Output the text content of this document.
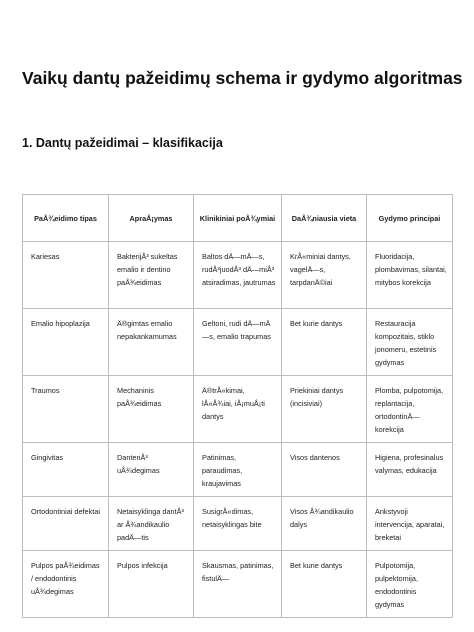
Vaikų dantų pažeidimų schema ir gydymo algoritmas
1. Dantų pažeidimai – klasifikacija
PaÅ¾eidimo tipas	ApraÅ¡ymas	Klinikiniai poÅ¾ymiai	DaÅ¾niausia vieta	Gydymo principai
Kariesas	BakterijÅ³ sukeltas emalio ir dentino paÅ¾eidimas	Baltos dÄ—mÄ—s, rudÅ³juodÅ³ dÄ—miÅ³ atsiradimas, jautrumas	KrÅ«miniai dantys, vagelÄ—s, tarpdanÄ©iai	Fluoridacija, plombavimas, silantai, mitybos korekcija
Emalio hipoplazija	Ä®gimtas emalio nepakankamumas	Geltoni, rudi dÄ—mÄ—s, emalio trapumas	Bet kurie dantys	Restauracija kompozitais, stiklo jonomeru, estetinis gydymas
Traumos	Mechaninis paÅ¾eidimas	Ä®trÅ«kimai, lÅ«Å¾iai, iÅ¡muÅ¡ti dantys	Priekiniai dantys (incisiviai)	Plomba, pulpotomija, replantacija, ortodontinÄ— korekcija
Gingivitas	DantenÅ³ uÅ¾degimas	Patinimas, paraudimas, kraujavimas	Visos dantenos	Higiena, profesinalus valymas, edukacija
Ortodontiniai defektai	Netaisyklinga dantÅ³ ar Å¾andikaulio padÄ—tis	SusigrÅ«dimas, netaisyklingas bite	Visos Å¾andikaulio dalys	Ankstyvoji intervencija, aparatai, breketai
Pulpos paÅ¾eidimas / endodontinis uÅ¾degimas	Pulpos infekcija	Skausmas, patinimas, fistulÄ—	Bet kurie dantys	Pulpotomija, pulpektomija, endodontinis gydymas
